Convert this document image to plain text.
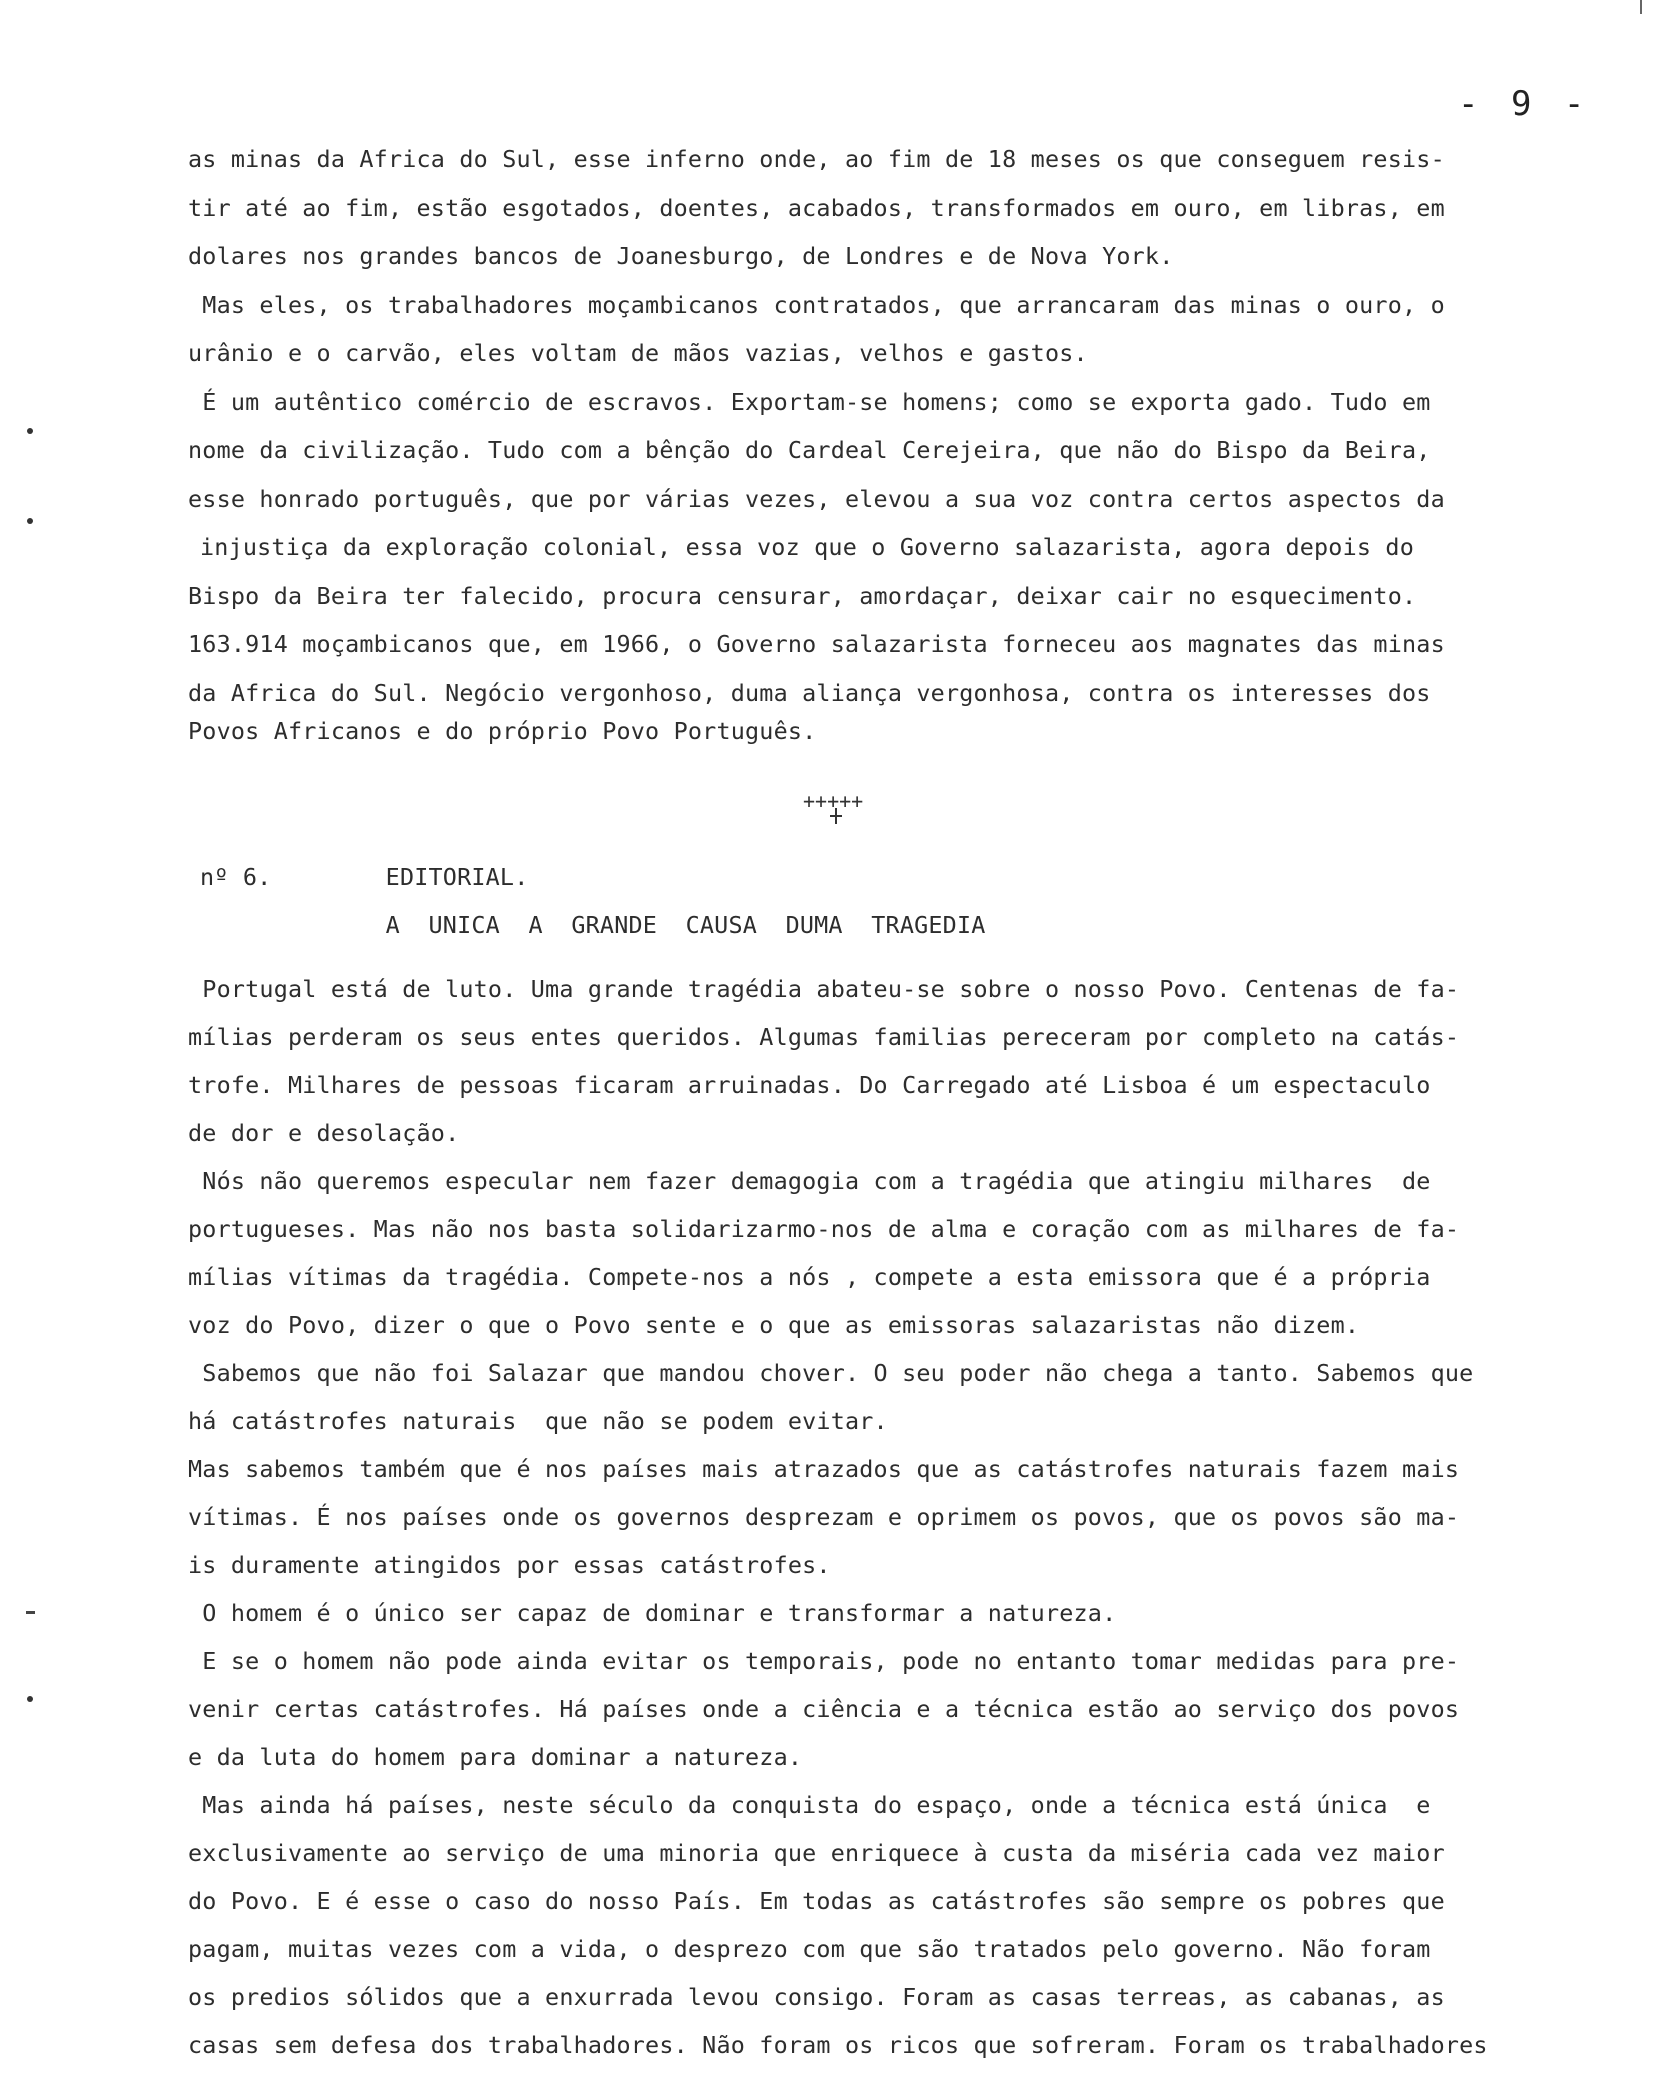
- 9 -
as minas da Africa do Sul, esse inferno onde, ao fim de 18 meses os que conseguem resis-
tir até ao fim, estão esgotados, doentes, acabados, transformados em ouro, em libras, em
dolares nos grandes bancos de Joanesburgo, de Londres e de Nova York.
Mas eles, os trabalhadores moçambicanos contratados, que arrancaram das minas o ouro, o
urânio e o carvão, eles voltam de mãos vazias, velhos e gastos.
É um autêntico comércio de escravos. Exportam-se homens; como se exporta gado. Tudo em
nome da civilização. Tudo com a bênção do Cardeal Cerejeira, que não do Bispo da Beira,
esse honrado português, que por várias vezes, elevou a sua voz contra certos aspectos da
injustiça da exploração colonial, essa voz que o Governo salazarista, agora depois do
Bispo da Beira ter falecido, procura censurar, amordaçar, deixar cair no esquecimento.
163.914 moçambicanos que, em 1966, o Governo salazarista forneceu aos magnates das minas
da Africa do Sul. Negócio vergonhoso, duma aliança vergonhosa, contra os interesses dos
Povos Africanos e do próprio Povo Português.
+++++
nº 6.        EDITORIAL.
A  UNICA  A  GRANDE  CAUSA  DUMA  TRAGEDIA
Portugal está de luto. Uma grande tragédia abateu-se sobre o nosso Povo. Centenas de fa-
mílias perderam os seus entes queridos. Algumas familias pereceram por completo na catás-
trofe. Milhares de pessoas ficaram arruinadas. Do Carregado até Lisboa é um espectaculo
de dor e desolação.
Nós não queremos especular nem fazer demagogia com a tragédia que atingiu milhares  de
portugueses. Mas não nos basta solidarizarmo-nos de alma e coração com as milhares de fa-
mílias vítimas da tragédia. Compete-nos a nós , compete a esta emissora que é a própria
voz do Povo, dizer o que o Povo sente e o que as emissoras salazaristas não dizem.
Sabemos que não foi Salazar que mandou chover. O seu poder não chega a tanto. Sabemos que
há catástrofes naturais  que não se podem evitar.
Mas sabemos também que é nos países mais atrazados que as catástrofes naturais fazem mais
vítimas. É nos países onde os governos desprezam e oprimem os povos, que os povos são ma-
is duramente atingidos por essas catástrofes.
O homem é o único ser capaz de dominar e transformar a natureza.
E se o homem não pode ainda evitar os temporais, pode no entanto tomar medidas para pre-
venir certas catástrofes. Há países onde a ciência e a técnica estão ao serviço dos povos
e da luta do homem para dominar a natureza.
Mas ainda há países, neste século da conquista do espaço, onde a técnica está única  e
exclusivamente ao serviço de uma minoria que enriquece à custa da miséria cada vez maior
do Povo. E é esse o caso do nosso País. Em todas as catástrofes são sempre os pobres que
pagam, muitas vezes com a vida, o desprezo com que são tratados pelo governo. Não foram
os predios sólidos que a enxurrada levou consigo. Foram as casas terreas, as cabanas, as
casas sem defesa dos trabalhadores. Não foram os ricos que sofreram. Foram os trabalhadores
